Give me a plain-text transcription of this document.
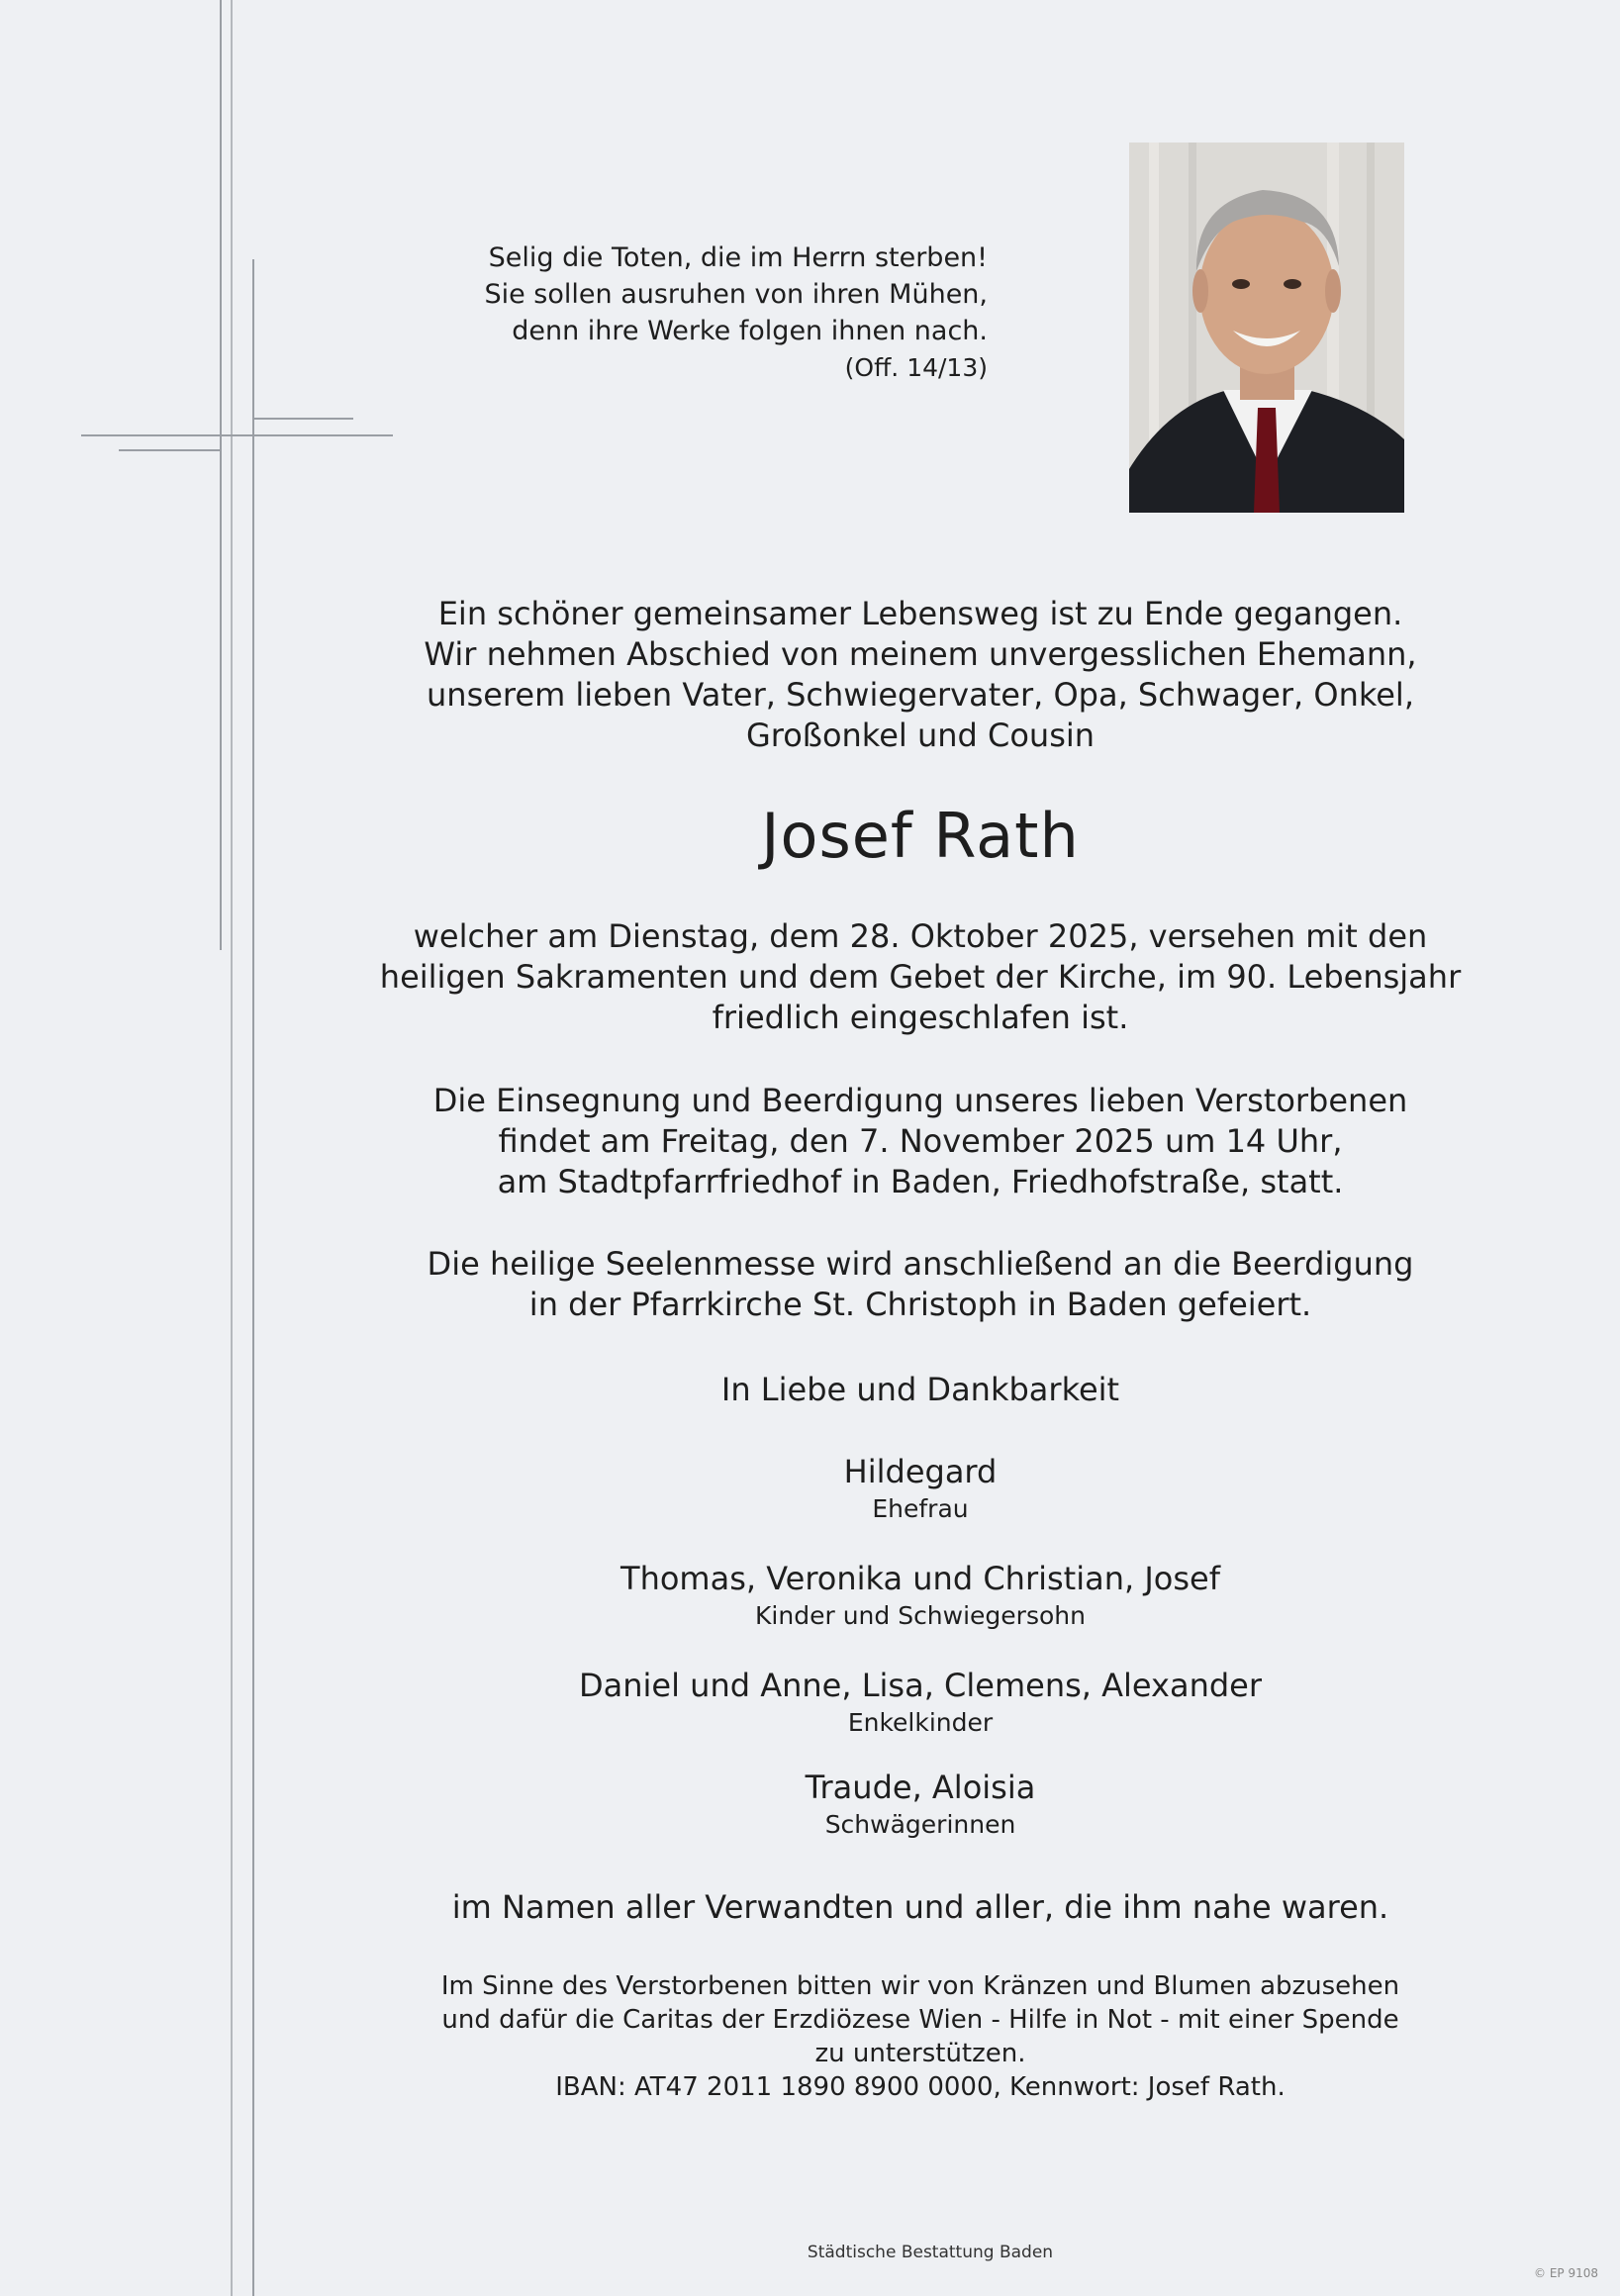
Selig die Toten, die im Herrn sterben!
Sie sollen ausruhen von ihren Mühen,
denn ihre Werke folgen ihnen nach.
(Off. 14/13)
Ein schöner gemeinsamer Lebensweg ist zu Ende gegangen.
Wir nehmen Abschied von meinem unvergesslichen Ehemann,
unserem lieben Vater, Schwiegervater, Opa, Schwager, Onkel,
Großonkel und Cousin
Josef Rath
welcher am Dienstag, dem 28. Oktober 2025, versehen mit den
heiligen Sakramenten und dem Gebet der Kirche, im 90. Lebensjahr
friedlich eingeschlafen ist.
Die Einsegnung und Beerdigung unseres lieben Verstorbenen
findet am Freitag, den 7. November 2025 um 14 Uhr,
am Stadtpfarrfriedhof in Baden, Friedhofstraße, statt.
Die heilige Seelenmesse wird anschließend an die Beerdigung
in der Pfarrkirche St. Christoph in Baden gefeiert.
In Liebe und Dankbarkeit
Hildegard
Ehefrau
Thomas, Veronika und Christian, Josef
Kinder und Schwiegersohn
Daniel und Anne, Lisa, Clemens, Alexander
Enkelkinder
Traude, Aloisia
Schwägerinnen
im Namen aller Verwandten und aller, die ihm nahe waren.
Im Sinne des Verstorbenen bitten wir von Kränzen und Blumen abzusehen
und dafür die Caritas der Erzdiözese Wien - Hilfe in Not - mit einer Spende
zu unterstützen.
IBAN: AT47 2011 1890 8900 0000, Kennwort: Josef Rath.
Städtische Bestattung Baden
© EP 9108
